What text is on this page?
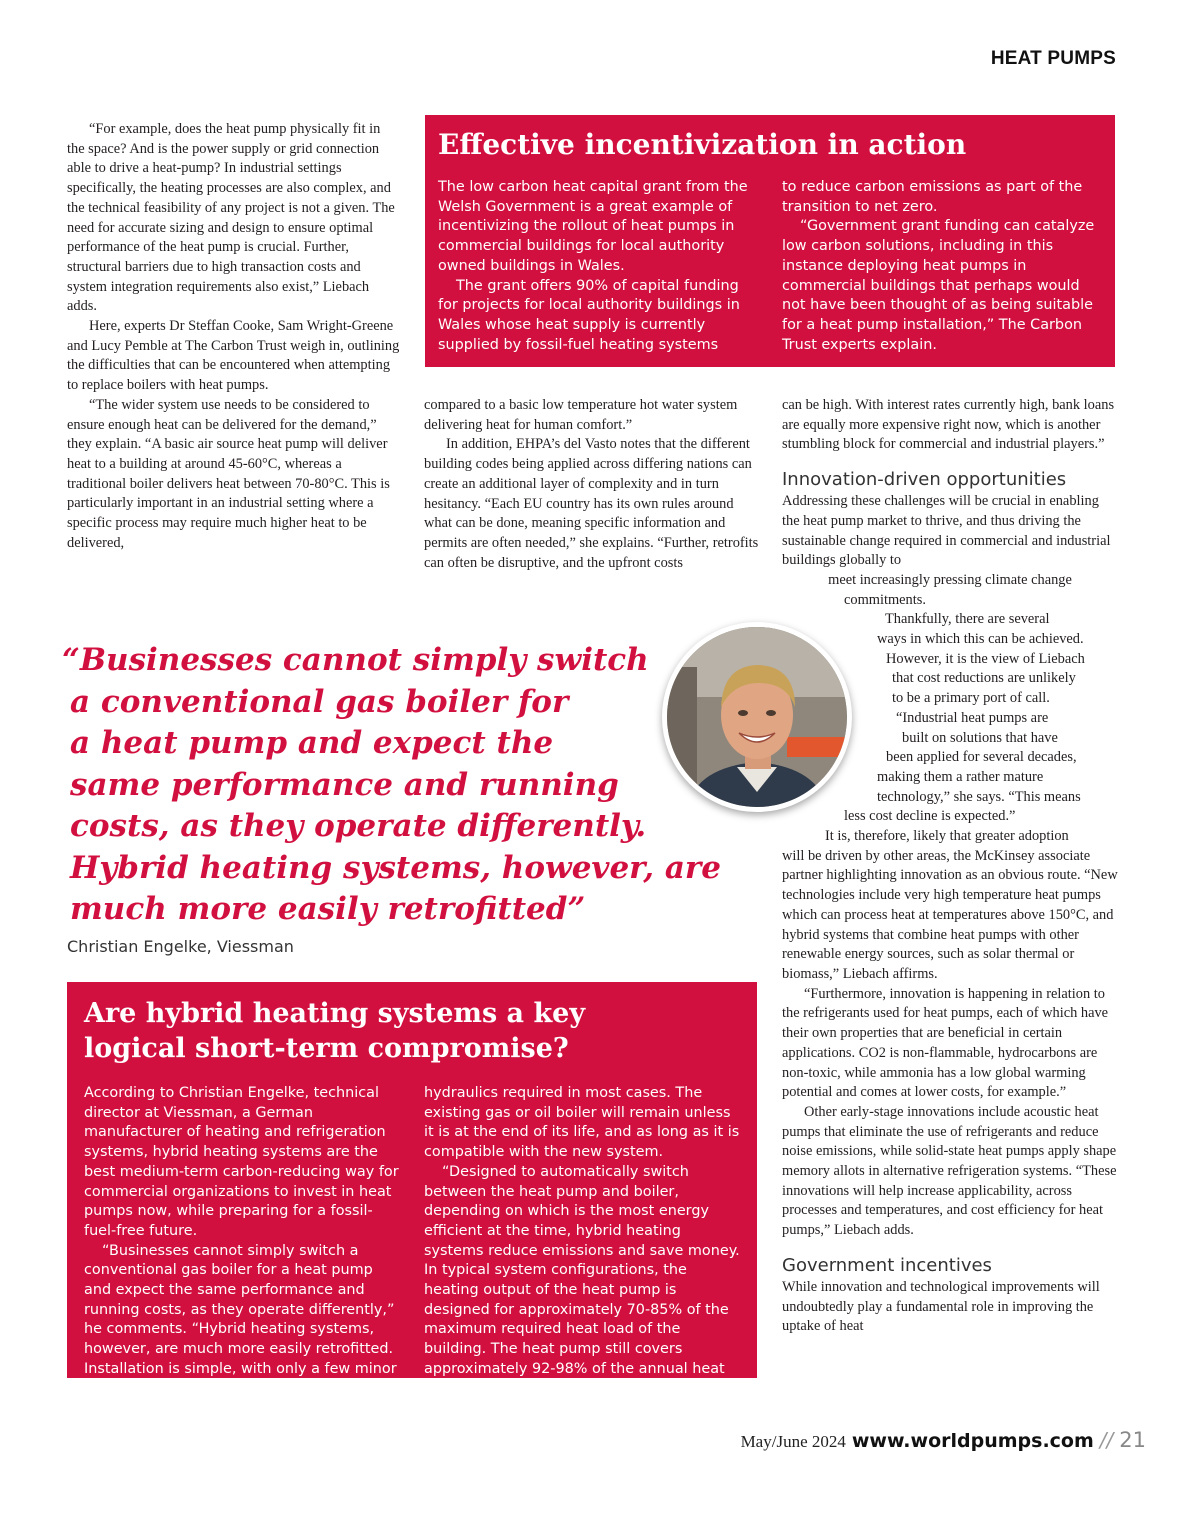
HEAT PUMPS

“For example, does the heat pump physically fit in the space? And is the power supply or grid connection able to drive a heat-pump? In industrial settings specifically, the heating processes are also complex, and the technical feasibility of any project is not a given. The need for accurate sizing and design to ensure optimal performance of the heat pump is crucial. Further, structural barriers due to high transaction costs and system integration requirements also exist,” Liebach adds.

Here, experts Dr Steffan Cooke, Sam Wright-Greene and Lucy Pemble at The Carbon Trust weigh in, outlining the difficulties that can be encountered when attempting to replace boilers with heat pumps.

“The wider system use needs to be considered to ensure enough heat can be delivered for the demand,” they explain. “A basic air source heat pump will deliver heat to a building at around 45-60°C, whereas a traditional boiler delivers heat between 70-80°C. This is particularly important in an industrial setting where a specific process may require much higher heat to be delivered,

Effective incentivization in action

The low carbon heat capital grant from the Welsh Government is a great example of incentivizing the rollout of heat pumps in commercial buildings for local authority owned buildings in Wales.

The grant offers 90% of capital funding for projects for local authority buildings in Wales whose heat supply is currently supplied by fossil-fuel heating systems

to reduce carbon emissions as part of the transition to net zero.

“Government grant funding can catalyze low carbon solutions, including in this instance deploying heat pumps in commercial buildings that perhaps would not have been thought of as being suitable for a heat pump installation,” The Carbon Trust experts explain.

compared to a basic low temperature hot water system delivering heat for human comfort.”

In addition, EHPA’s del Vasto notes that the different building codes being applied across differing nations can create an additional layer of complexity and in turn hesitancy. “Each EU country has its own rules around what can be done, meaning specific information and permits are often needed,” she explains. “Further, retrofits can often be disruptive, and the upfront costs

can be high. With interest rates currently high, bank loans are equally more expensive right now, which is another stumbling block for commercial and industrial players.”

Innovation-driven opportunities

Addressing these challenges will be crucial in enabling the heat pump market to thrive, and thus driving the sustainable change required in commercial and industrial buildings globally to

meet increasingly pressing climate change
commitments.
Thankfully, there are several
ways in which this can be achieved.
However, it is the view of Liebach
that cost reductions are unlikely
to be a primary port of call.
“Industrial heat pumps are
built on solutions that have
been applied for several decades,
making them a rather mature
technology,” she says. “This means
less cost decline is expected.”
It is, therefore, likely that greater adoption

will be driven by other areas, the McKinsey associate partner highlighting innovation as an obvious route. “New technologies include very high temperature heat pumps which can process heat at temperatures above 150°C, and hybrid systems that combine heat pumps with other renewable energy sources, such as solar thermal or biomass,” Liebach affirms.

“Furthermore, innovation is happening in relation to the refrigerants used for heat pumps, each of which have their own properties that are beneficial in certain applications. CO2 is non-flammable, hydrocarbons are non-toxic, while ammonia has a low global warming potential and comes at lower costs, for example.”

Other early-stage innovations include acoustic heat pumps that eliminate the use of refrigerants and reduce noise emissions, while solid-state heat pumps apply shape memory allots in alternative refrigeration systems. “These innovations will help increase applicability, across processes and temperatures, and cost efficiency for heat pumps,” Liebach adds.

Government incentives

While innovation and technological improvements will undoubtedly play a fundamental role in improving the uptake of heat

“Businesses cannot simply switch
a conventional gas boiler for
a heat pump and expect the
same performance and running
costs, as they operate differently.
Hybrid heating systems, however, are
much more easily retrofitted”
Christian Engelke, Viessman
Are hybrid heating systems a key
logical short-term compromise?

According to Christian Engelke, technical director at Viessman, a German manufacturer of heating and refrigeration systems, hybrid heating systems are the best medium-term carbon-reducing way for commercial organizations to invest in heat pumps now, while preparing for a fossil-fuel-free future.

“Businesses cannot simply switch a conventional gas boiler for a heat pump and expect the same performance and running costs, as they operate differently,” he comments. “Hybrid heating systems, however, are much more easily retrofitted. Installation is simple, with only a few minor alterations to the existing system

hydraulics required in most cases. The existing gas or oil boiler will remain unless it is at the end of its life, and as long as it is compatible with the new system.

“Designed to automatically switch between the heat pump and boiler, depending on which is the most energy efficient at the time, hybrid heating systems reduce emissions and save money. In typical system configurations, the heating output of the heat pump is designed for approximately 70-85% of the maximum required heat load of the building. The heat pump still covers approximately 92-98% of the annual heat load but saves over 40% on investment cost,” Engelke adds.

May/June 2024 www.worldpumps.com // 21
